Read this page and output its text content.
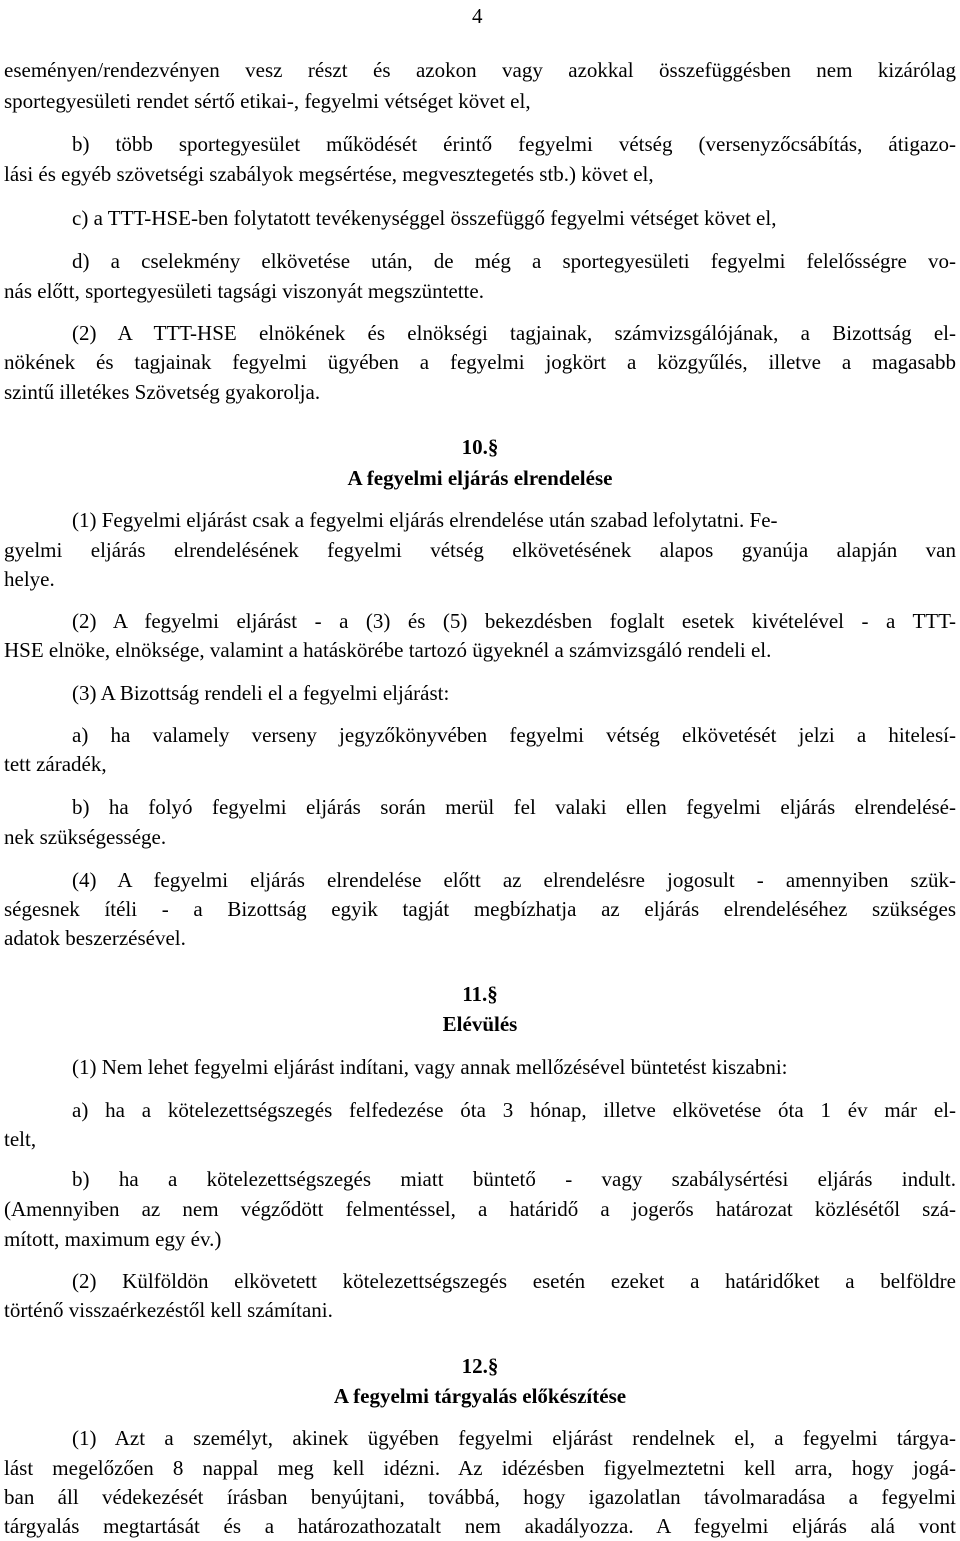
4
eseményen/rendezvényen vesz részt és azokon vagy azokkal összefüggésben nem kizárólag
sportegyesületi rendet sértő etikai-, fegyelmi vétséget követ el,
b) több sportegyesület működését érintő fegyelmi vétség (versenyzőcsábítás, átigazo-
lási és egyéb szövetségi szabályok megsértése, megvesztegetés stb.) követ el,
c) a TTT-HSE-ben folytatott tevékenységgel összefüggő fegyelmi vétséget követ el,
d) a cselekmény elkövetése után, de még a sportegyesületi fegyelmi felelősségre vo-
nás előtt, sportegyesületi tagsági viszonyát megszüntette.
(2) A TTT-HSE elnökének és elnökségi tagjainak, számvizsgálójának, a Bizottság el-
nökének és tagjainak fegyelmi ügyében a fegyelmi jogkört a közgyűlés, illetve a magasabb
szintű illetékes Szövetség gyakorolja.
10.§
A fegyelmi eljárás elrendelése
(1) Fegyelmi eljárást csak a fegyelmi eljárás elrendelése után szabad lefolytatni. Fe-
gyelmi eljárás elrendelésének fegyelmi vétség elkövetésének alapos gyanúja alapján van
helye.
(2) A fegyelmi eljárást - a (3) és (5) bekezdésben foglalt esetek kivételével - a TTT-
HSE elnöke, elnöksége, valamint a hatáskörébe tartozó ügyeknél a számvizsgáló rendeli el.
(3) A Bizottság rendeli el a fegyelmi eljárást:
a) ha valamely verseny jegyzőkönyvében fegyelmi vétség elkövetését jelzi a hitelesí-
tett záradék,
b) ha folyó fegyelmi eljárás során merül fel valaki ellen fegyelmi eljárás elrendelésé-
nek szükségessége.
(4) A fegyelmi eljárás elrendelése előtt az elrendelésre jogosult - amennyiben szük-
ségesnek ítéli - a Bizottság egyik tagját megbízhatja az eljárás elrendeléséhez szükséges
adatok beszerzésével.
11.§
Elévülés
(1) Nem lehet fegyelmi eljárást indítani, vagy annak mellőzésével büntetést kiszabni:
a) ha a kötelezettségszegés felfedezése óta 3 hónap, illetve elkövetése óta 1 év már el-
telt,
b) ha a kötelezettségszegés miatt büntető - vagy szabálysértési eljárás indult.
(Amennyiben az nem végződött felmentéssel, a határidő a jogerős határozat közlésétől szá-
mított, maximum egy év.)
(2) Külföldön elkövetett kötelezettségszegés esetén ezeket a határidőket a belföldre
történő visszaérkezéstől kell számítani.
12.§
A fegyelmi tárgyalás előkészítése
(1) Azt a személyt, akinek ügyében fegyelmi eljárást rendelnek el, a fegyelmi tárgya-
lást megelőzően 8 nappal meg kell idézni. Az idézésben figyelmeztetni kell arra, hogy jogá-
ban áll védekezését írásban benyújtani, továbbá, hogy igazolatlan távolmaradása a fegyelmi
tárgyalás megtartását és a határozathozatalt nem akadályozza. A fegyelmi eljárás alá vont
